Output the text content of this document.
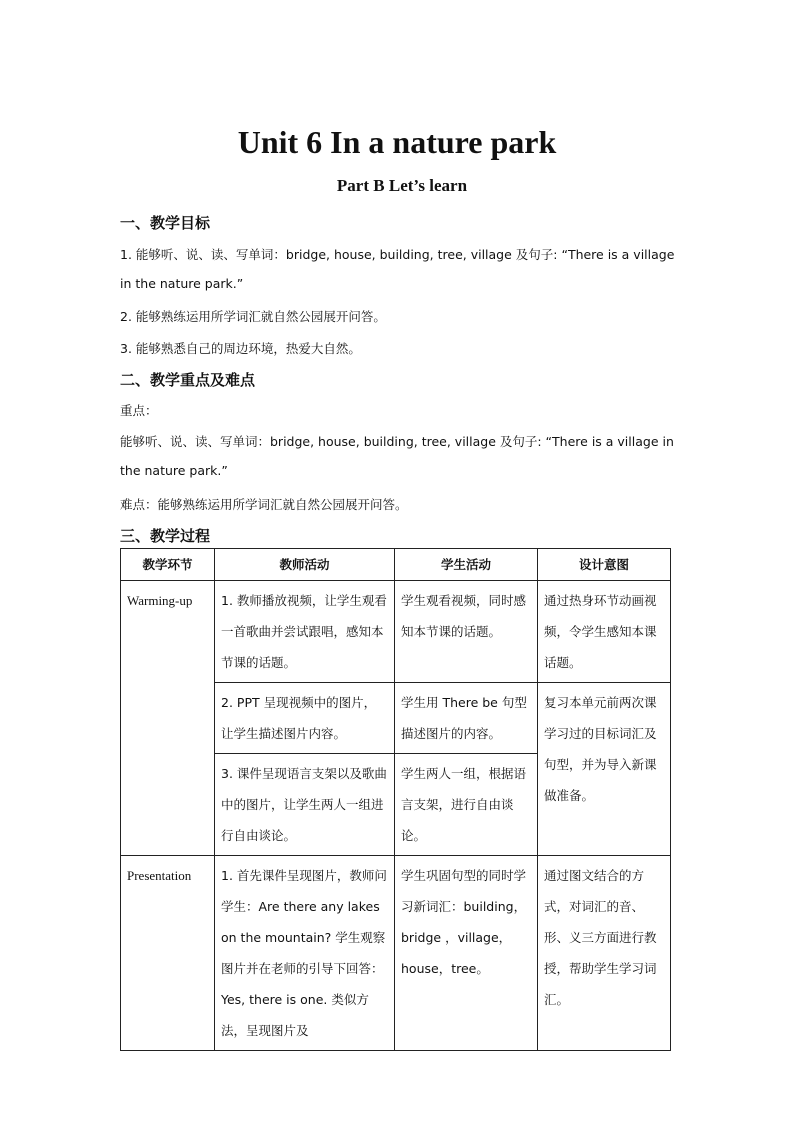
Unit 6 In a nature park
Part B Let’s learn
一、教学目标
1. 能够听、说、读、写单词：bridge, house, building, tree, village 及句子: “There is a village
in the nature park.”
2. 能够熟练运用所学词汇就自然公园展开问答。
3. 能够熟悉自己的周边环境，热爱大自然。
二、教学重点及难点
重点：
能够听、说、读、写单词：bridge, house, building, tree, village 及句子: “There is a village in
the nature park.”
难点：能够熟练运用所学词汇就自然公园展开问答。
三、教学过程
教学环节	教师活动	学生活动	设计意图
Warming-up	1. 教师播放视频，让学生观看一首歌曲并尝试跟唱，感知本节课的话题。	学生观看视频，同时感知本节课的话题。	通过热身环节动画视频，令学生感知本课话题。
	2. PPT 呈现视频中的图片，让学生描述图片内容。	学生用 There be 句型描述图片的内容。	复习本单元前两次课学习过的目标词汇及句型，并为导入新课做准备。
	3. 课件呈现语言支架以及歌曲中的图片，让学生两人一组进行自由谈论。	学生两人一组，根据语言支架，进行自由谈论。	
Presentation	1. 首先课件呈现图片，教师问学生：Are there any lakes on the mountain? 学生观察图片并在老师的引导下回答：Yes, there is one. 类似方法，呈现图片及	学生巩固句型的同时学习新词汇：building， bridge ，village，house，tree。	通过图文结合的方式，对词汇的音、形、义三方面进行教授，帮助学生学习词汇。
